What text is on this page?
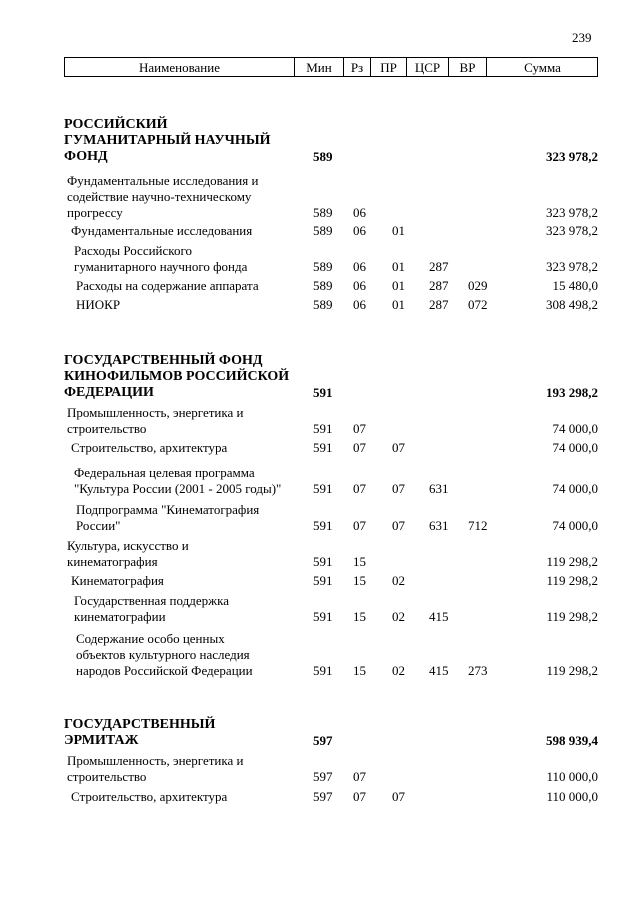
239
Наименование	Мин	Рз	ПР	ЦСР	ВР	Сумма
РОССИЙСКИЙ
ГУМАНИТАРНЫЙ НАУЧНЫЙ
ФОНД	589	323 978,2
Фундаментальные исследования и
содействие научно-техническому
прогрессу	589 06	323 978,2
Фундаментальные исследования	589 06 01	323 978,2
Расходы Российского
гуманитарного научного фонда	589 06 01 287	323 978,2
Расходы на содержание аппарата	589 06 01 287 029	15 480,0
НИОКР	589 06 01 287 072	308 498,2
ГОСУДАРСТВЕННЫЙ ФОНД
КИНОФИЛЬМОВ РОССИЙСКОЙ
ФЕДЕРАЦИИ	591	193 298,2
Промышленность, энергетика и
строительство	591 07	74 000,0
Строительство, архитектура	591 07 07	74 000,0
Федеральная целевая программа
"Культура России (2001 - 2005 годы)" 591 07 07 631	74 000,0
Подпрограмма "Кинематография
России"	591 07 07 631 712	74 000,0
Культура, искусство и
кинематография	591 15	119 298,2
Кинематография	591 15 02	119 298,2
Государственная поддержка
кинематографии	591 15 02 415	119 298,2
Содержание особо ценных
объектов культурного наследия
народов Российской Федерации	591 15 02 415 273	119 298,2
ГОСУДАРСТВЕННЫЙ
ЭРМИТАЖ	597	598 939,4
Промышленность, энергетика и
строительство	597 07	110 000,0
Строительство, архитектура	597 07 07	110 000,0
